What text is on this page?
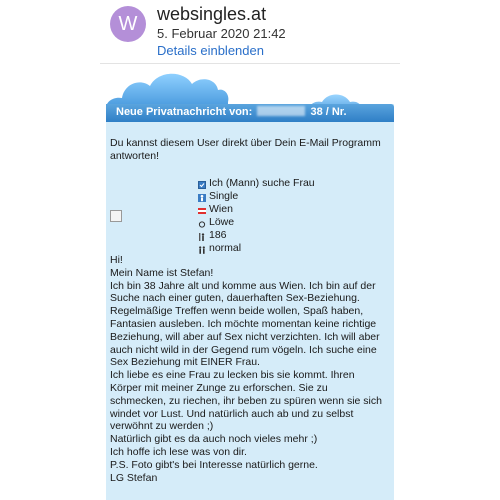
W	websingles.at
5. Februar 2020 21:42
Details einblenden
Neue Privatnachricht von:	38 / Nr.
Du kannst diesem User direkt über Dein E-Mail Programm
antworten!
Ich (Mann) suche Frau
Single
Wien
Löwe
186
normal
Hi!
Mein Name ist Stefan!
Ich bin 38 Jahre alt und komme aus Wien. Ich bin auf der
Suche nach einer guten, dauerhaften Sex-Beziehung.
Regelmäßige Treffen wenn beide wollen, Spaß haben,
Fantasien ausleben. Ich möchte momentan keine richtige
Beziehung, will aber auf Sex nicht verzichten. Ich will aber
auch nicht wild in der Gegend rum vögeln. Ich suche eine
Sex Beziehung mit EINER Frau.
Ich liebe es eine Frau zu lecken bis sie kommt. Ihren
Körper mit meiner Zunge zu erforschen. Sie zu
schmecken, zu riechen, ihr beben zu spüren wenn sie sich
windet vor Lust. Und natürlich auch ab und zu selbst
verwöhnt zu werden ;)
Natürlich gibt es da auch noch vieles mehr ;)
Ich hoffe ich lese was von dir.
P.S. Foto gibt's bei Interesse natürlich gerne.
LG Stefan
